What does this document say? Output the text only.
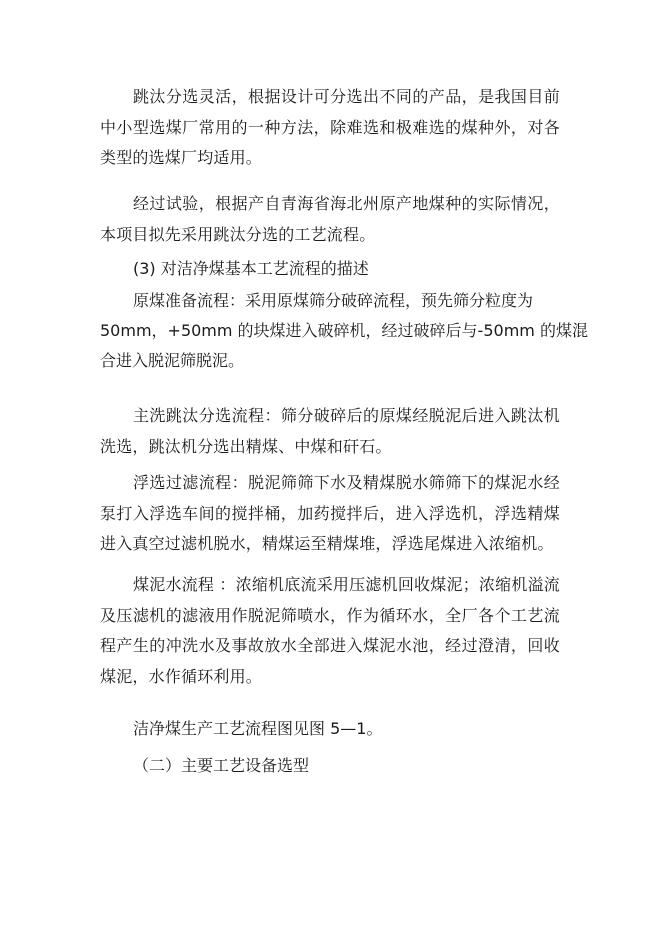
跳汰分选灵活，根据设计可分选出不同的产品，是我国目前中小型选煤厂常用的一种方法，除难选和极难选的煤种外，对各类型的选煤厂均适用。

经过试验，根据产自青海省海北州原产地煤种的实际情况，本项目拟先采用跳汰分选的工艺流程。

(3) 对洁净煤基本工艺流程的描述

原煤准备流程：采用原煤筛分破碎流程，预先筛分粒度为

50mm，+50mm 的块煤进入破碎机，经过破碎后与-50mm 的煤混

合进入脱泥筛脱泥。

主洗跳汰分选流程：筛分破碎后的原煤经脱泥后进入跳汰机洗选，跳汰机分选出精煤、中煤和矸石。

浮选过滤流程：脱泥筛筛下水及精煤脱水筛筛下的煤泥水经泵打入浮选车间的搅拌桶，加药搅拌后，进入浮选机，浮选精煤进入真空过滤机脱水，精煤运至精煤堆，浮选尾煤进入浓缩机。

煤泥水流程 ：浓缩机底流采用压滤机回收煤泥；浓缩机溢流及压滤机的滤液用作脱泥筛喷水，作为循环水，全厂各个工艺流程产生的冲洗水及事故放水全部进入煤泥水池，经过澄清，回收煤泥，水作循环利用。

洁净煤生产工艺流程图见图 5—1。

（二）主要工艺设备选型
